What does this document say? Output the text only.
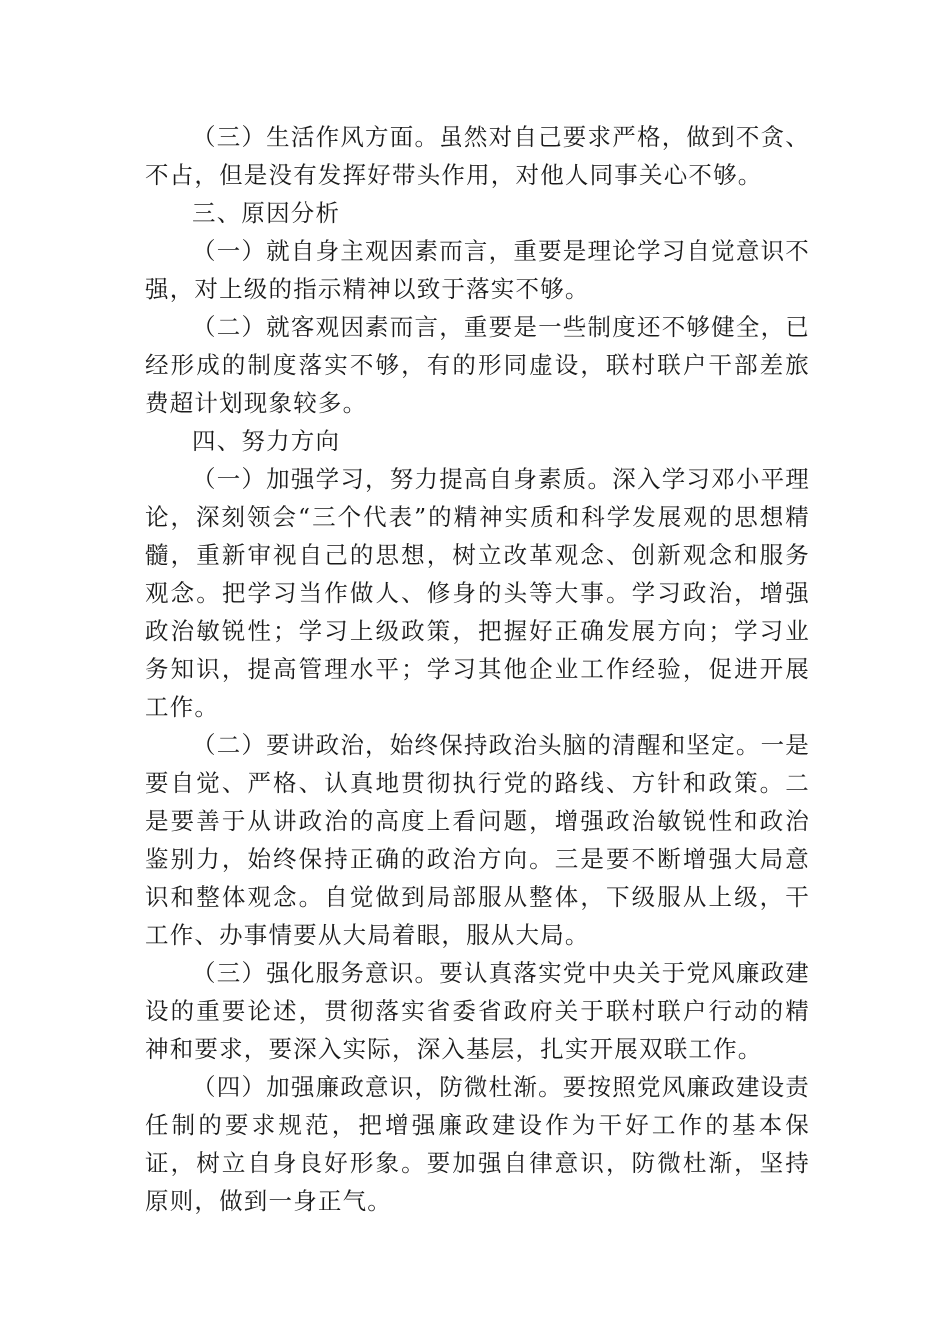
（三）生活作风方面。虽然对自己要求严格，做到不贪、不占，但是没有发挥好带头作用，对他人同事关心不够。

三、原因分析

（一）就自身主观因素而言，重要是理论学习自觉意识不强，对上级的指示精神以致于落实不够。

（二）就客观因素而言，重要是一些制度还不够健全，已经形成的制度落实不够，有的形同虚设，联村联户干部差旅费超计划现象较多。

四、努力方向

（一）加强学习，努力提高自身素质。深入学习邓小平理论，深刻领会“三个代表”的精神实质和科学发展观的思想精髓，重新审视自己的思想，树立改革观念、创新观念和服务观念。把学习当作做人、修身的头等大事。学习政治，增强政治敏锐性；学习上级政策，把握好正确发展方向；学习业务知识，提高管理水平；学习其他企业工作经验，促进开展工作。

（二）要讲政治，始终保持政治头脑的清醒和坚定。一是要自觉、严格、认真地贯彻执行党的路线、方针和政策。二是要善于从讲政治的高度上看问题，增强政治敏锐性和政治鉴别力，始终保持正确的政治方向。三是要不断增强大局意识和整体观念。自觉做到局部服从整体，下级服从上级，干工作、办事情要从大局着眼，服从大局。

（三）强化服务意识。要认真落实党中央关于党风廉政建设的重要论述，贯彻落实省委省政府关于联村联户行动的精神和要求，要深入实际，深入基层，扎实开展双联工作。

（四）加强廉政意识，防微杜渐。要按照党风廉政建设责任制的要求规范，把增强廉政建设作为干好工作的基本保证，树立自身良好形象。要加强自律意识，防微杜渐，坚持原则，做到一身正气。
